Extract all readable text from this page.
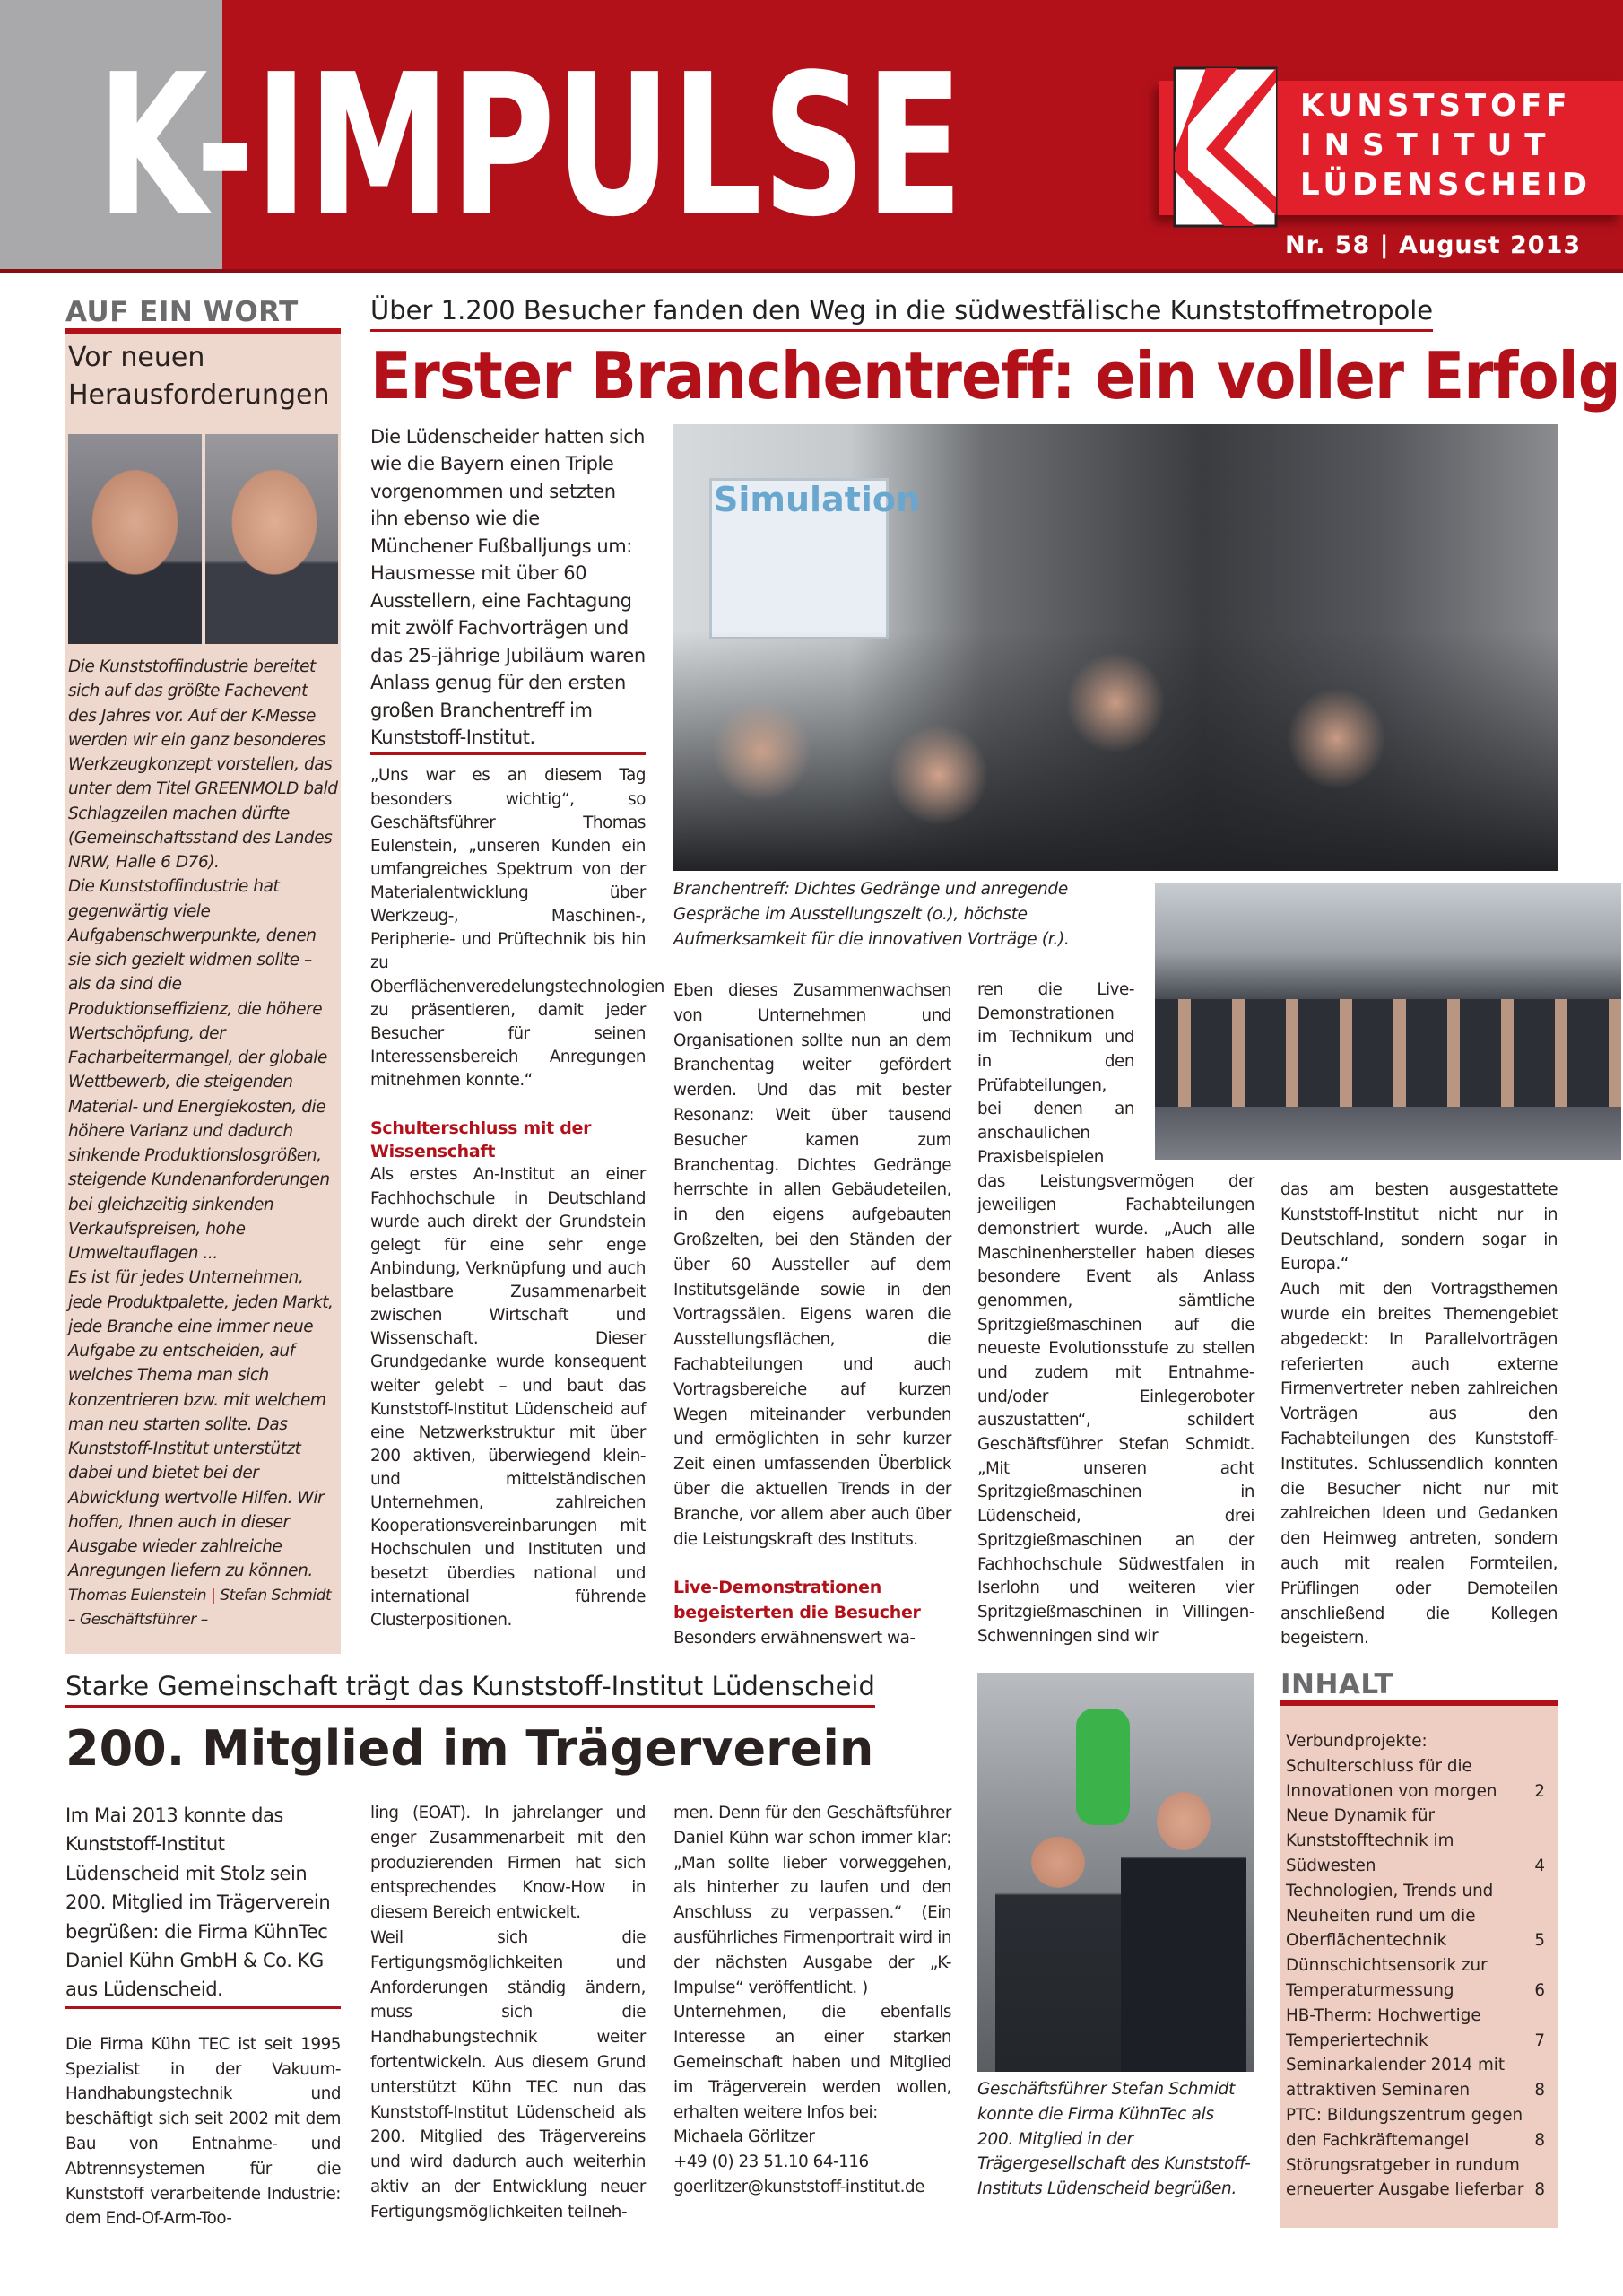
K-IMPULSE	KUNSTSTOFF
INSTITUT
LÜDENSCHEID
Nr. 58 | August 2013
AUF EIN WORT
Vor neuen Herausforderungen

Die Kunststoffindustrie bereitet sich auf das größte Fachevent des Jahres vor. Auf der K-Messe werden wir ein ganz besonderes Werkzeugkonzept vorstellen, das unter dem Titel GREENMOLD bald Schlagzeilen machen dürfte (Gemeinschaftsstand des Landes NRW, Halle 6 D76).

Die Kunststoffindustrie hat gegenwärtig viele Aufgabenschwerpunkte, denen sie sich gezielt widmen sollte – als da sind die Produktionseffizienz, die höhere Wertschöpfung, der Facharbeitermangel, der globale Wettbewerb, die steigenden Material- und Energiekosten, die höhere Varianz und dadurch sinkende Produktionslosgrößen, steigende Kundenanforderungen bei gleichzeitig sinkenden Verkaufspreisen, hohe Umweltauflagen ...

Es ist für jedes Unternehmen, jede Produktpalette, jeden Markt, jede Branche eine immer neue Aufgabe zu entscheiden, auf welches Thema man sich konzentrieren bzw. mit welchem man neu starten sollte. Das Kunststoff-Institut unterstützt dabei und bietet bei der Abwicklung wertvolle Hilfen. Wir hoffen, Ihnen auch in dieser Ausgabe wieder zahlreiche Anregungen liefern zu können.

Thomas Eulenstein | Stefan Schmidt

– Geschäftsführer –

Über 1.200 Besucher fanden den Weg in die südwestfälische Kunststoffmetropole
Erster Branchentreff: ein voller Erfolg

Die Lüdenscheider hatten sich wie die Bayern einen Triple vorgenommen und setzten ihn ebenso wie die Münchener Fußballjungs um: Hausmesse mit über 60 Ausstellern, eine Fachtagung mit zwölf Fachvorträgen und das 25-jährige Jubiläum waren Anlass genug für den ersten großen Branchentreff im Kunststoff-Institut.

„Uns war es an diesem Tag besonders wichtig“, so Geschäftsführer Thomas Eulenstein, „unseren Kunden ein umfangreiches Spektrum von der Materialentwicklung über Werkzeug-, Maschinen-, Peripherie- und Prüftechnik bis hin zu Oberflächenveredelungstechnologien zu präsentieren, damit jeder Besucher für seinen Interessensbereich Anregungen mitnehmen konnte.“

Schulterschluss mit der Wissenschaft

Als erstes An-Institut an einer Fachhochschule in Deutschland wurde auch direkt der Grundstein gelegt für eine sehr enge Anbindung, Verknüpfung und auch belastbare Zusammenarbeit zwischen Wirtschaft und Wissenschaft. Dieser Grundgedanke wurde konsequent weiter gelebt – und baut das Kunststoff-Institut Lüdenscheid auf eine Netzwerkstruktur mit über 200 aktiven, überwiegend klein- und mittelständischen Unternehmen, zahlreichen Kooperationsvereinbarungen mit Hochschulen und Instituten und besetzt überdies national und international führende Clusterpositionen.

Simulation
Branchentreff: Dichtes Gedränge und anregende Gespräche im Ausstellungszelt (o.), höchste Aufmerksamkeit für die innovativen Vorträge (r.).

Eben dieses Zusammenwachsen von Unternehmen und Organisationen sollte nun an dem Branchentag weiter gefördert werden. Und das mit bester Resonanz: Weit über tausend Besucher kamen zum Branchentag. Dichtes Gedränge herrschte in allen Gebäudeteilen, in den eigens aufgebauten Großzelten, bei den Ständen der über 60 Aussteller auf dem Institutsgelände sowie in den Vortragssälen. Eigens waren die Ausstellungsflächen, die Fachabteilungen und auch Vortragsbereiche auf kurzen Wegen miteinander verbunden und ermöglichten in sehr kurzer Zeit einen umfassenden Überblick über die aktuellen Trends in der Branche, vor allem aber auch über die Leistungskraft des Instituts.

Live-Demonstrationen begeisterten die Besucher

Besonders erwähnenswert wa-

ren die Live-Demonstrationen im Technikum und in den Prüfabteilungen, bei denen an anschaulichen Praxisbeispielen das Leistungsvermögen der jeweiligen Fachabteilungen demonstriert wurde. „Auch alle Maschinenhersteller haben dieses besondere Event als Anlass genommen, sämtliche Spritzgießmaschinen auf die neueste Evolutionsstufe zu stellen und zudem mit Entnahme- und/oder Einlegeroboter auszustatten“, schildert Geschäftsführer Stefan Schmidt. „Mit unseren acht Spritzgießmaschinen in Lüdenscheid, drei Spritzgießmaschinen an der Fachhochschule Südwestfalen in Iserlohn und weiteren vier Spritzgießmaschinen in Villingen-Schwenningen sind wir

das am besten ausgestattete Kunststoff-Institut nicht nur in Deutschland, sondern sogar in Europa.“

Auch mit den Vortragsthemen wurde ein breites Themengebiet abgedeckt: In Parallelvorträgen referierten auch externe Firmenvertreter neben zahlreichen Vorträgen aus den Fachabteilungen des Kunststoff-Institutes. Schlussendlich konnten die Besucher nicht nur mit zahlreichen Ideen und Gedanken den Heimweg antreten, sondern auch mit realen Formteilen, Prüflingen oder Demoteilen anschließend die Kollegen begeistern.

Starke Gemeinschaft trägt das Kunststoff-Institut Lüdenscheid
200. Mitglied im Trägerverein

Im Mai 2013 konnte das Kunststoff-Institut Lüdenscheid mit Stolz sein 200. Mitglied im Trägerverein begrüßen: die Firma KühnTec Daniel Kühn GmbH & Co. KG aus Lüdenscheid.

Die Firma Kühn TEC ist seit 1995 Spezialist in der Vakuum-Handhabungstechnik und beschäftigt sich seit 2002 mit dem Bau von Entnahme- und Abtrennsystemen für die Kunststoff verarbeitende Industrie: dem End-Of-Arm-Too-

ling (EOAT). In jahrelanger und enger Zusammenarbeit mit den produzierenden Firmen hat sich entsprechendes Know-How in diesem Bereich entwickelt.

Weil sich die Fertigungsmöglichkeiten und Anforderungen ständig ändern, muss sich die Handhabungstechnik weiter fortentwickeln. Aus diesem Grund unterstützt Kühn TEC nun das Kunststoff-Institut Lüdenscheid als 200. Mitglied des Trägervereins und wird dadurch auch weiterhin aktiv an der Entwicklung neuer Fertigungsmöglichkeiten teilneh-

men. Denn für den Geschäftsführer Daniel Kühn war schon immer klar: „Man sollte lieber vorweggehen, als hinterher zu laufen und den Anschluss zu verpassen.“ (Ein ausführliches Firmenportrait wird in der nächsten Ausgabe der „K-Impulse“ veröffentlicht. )

Unternehmen, die ebenfalls Interesse an einer starken Gemeinschaft haben und Mitglied im Trägerverein werden wollen, erhalten weitere Infos bei:

Michaela Görlitzer

+49 (0) 23 51.10 64-116

goerlitzer@kunststoff-institut.de

Geschäftsführer Stefan Schmidt konnte die Firma KühnTec als 200. Mitglied in der Trägergesellschaft des Kunststoff-Instituts Lüdenscheid begrüßen.
INHALT
Verbundprojekte: Schulterschluss für die Innovationen von morgen	2
Neue Dynamik für Kunststofftechnik im Südwesten	4
Technologien, Trends und Neuheiten rund um die Oberflächentechnik	5
Dünnschichtsensorik zur Temperaturmessung	6
HB-Therm: Hochwertige Temperiertechnik	7
Seminarkalender 2014 mit attraktiven Seminaren	8
PTC: Bildungszentrum gegen den Fachkräftemangel	8
Störungsratgeber in rundum erneuerter Ausgabe lieferbar 8
